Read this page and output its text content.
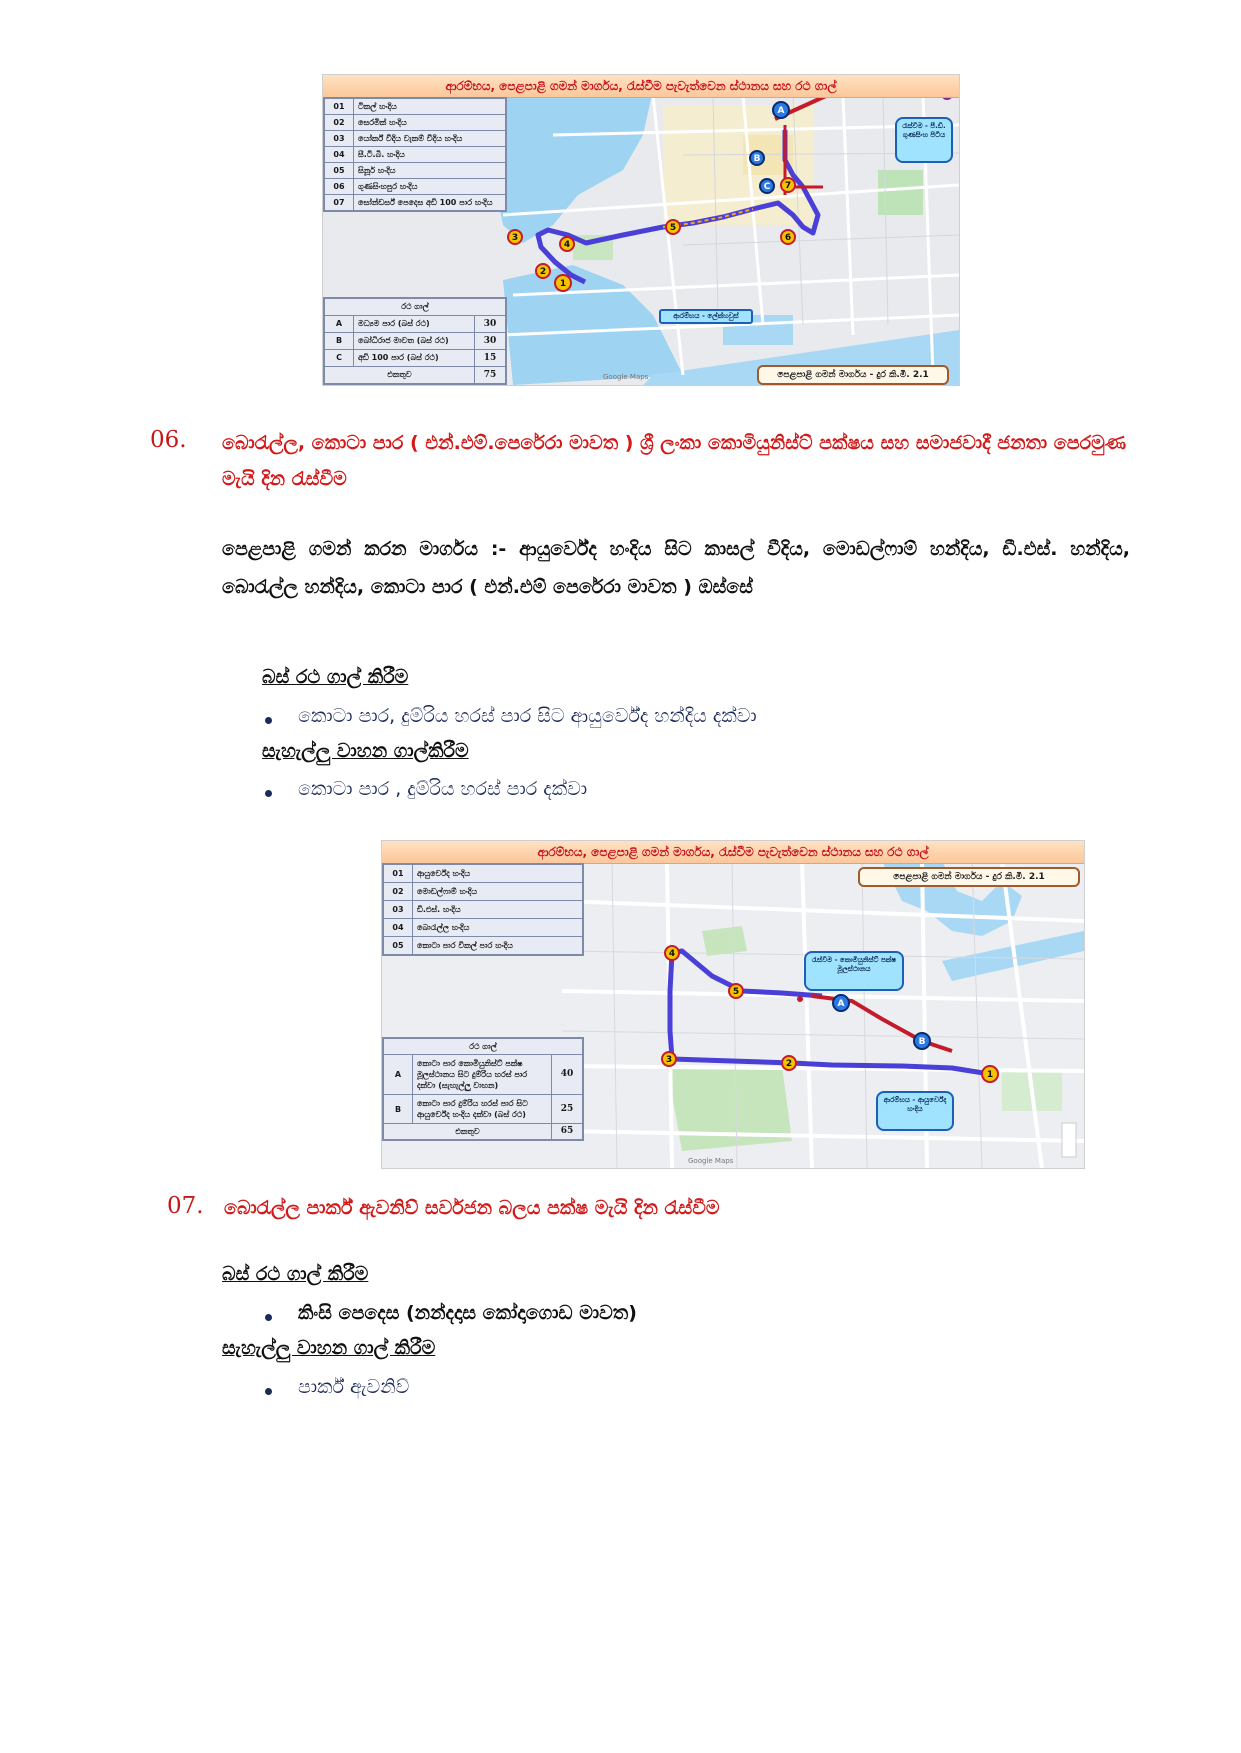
1
2
3
4
5
6
7
A
B
C
ආරම්භය, පෙළපාළි ගමන් මාර්ගය, රැස්වීම පැවැත්වෙන ස්ථානය සහ රථ ගාල්
01	ටිකල් හංදිය
02	සෙරමික් හංදිය
03	යෝර්ක් වීදිය වැකම් වීදිය හංදිය
04	සී.ටී.බී. හංදිය
05	සිනූර් හංදිය
06	ගුණසිංහපුර හංදිය
07	සෝන්ඩර්ස් පෙදෙස අඩි 100 පාර හංදිය
රථ ගාල්		
A	මධ්‍යම පාර (බස් රථ)	30
B	බෝධිරාජ මාවත (බස් රථ)	30
C	අඩි 100 පාර (බස් රථ)	15
එකතුව		75
රැස්වීම - පී.ඩී. ගුණසිංහ පිටිය
ආරම්භය - ලේක්හවුස්
පෙළපාළි ගමන් මාර්ගය - දුර කි.මී. 2.1
Google Maps
06. බොරැල්ල, කොටා පාර ( එන්.එම්.පෙරේරා මාවත ) ශ්‍රී ලංකා කොමියුනිස්ට් පක්ෂය සහ සමාජවාදී ජනතා පෙරමුණ මැයි දින රැස්වීම
පෙළපාළි ගමන් කරන මාර්ගය :- ආයුර්වේද හංදිය සිට කාසල් වීදිය, මොඩල්ෆාම් හන්දිය, ඩී.එස්. හන්දිය, බොරැල්ල හන්දිය, කොටා පාර ( එන්.එම් පෙරේරා මාවත ) ඔස්සේ
බස් රථ ගාල් කිරීම
කොටා පාර, දුම්රිය හරස් පාර සිට ආයුර්වේද හන්දිය දක්වා
සැහැල්ලු වාහන ගාල්කිරීම
කොටා පාර , දුම්රිය හරස් පාර දක්වා
1
2
3
4
5
A
B
ආරම්භය, පෙළපාළි ගමන් මාර්ගය, රැස්වීම පැවැත්වෙන ස්ථානය සහ රථ ගාල්
01	ආයුර්වේද හංදිය
02	මොඩල්ෆාම් හංදිය
03	ඩී.එස්. හංදිය
04	බොරැල්ල හංදිය
05	කොටා පාර විකල් පාර හංදිය
රථ ගාල්		
A	කොටා පාර කොමියුනිස්ට් පක්ෂ මූලස්ථානය සිට දුම්රිය හරස් පාර දක්වා (සැහැල්ලු වාහන)	40
B	කොටා පාර දුම්රිය හරස් පාර සිට ආයුර්වේද හංදිය දක්වා (බස් රථ)	25
එකතුව		65
පෙළපාළි ගමන් මාර්ගය - දුර කි.මී. 2.1
රැස්වීම - කොමියුනිස්ට් පක්ෂ මූලස්ථානය
ආරම්භය - ආයුර්වේද හංදිය
Google Maps
07. බොරැල්ල පාර්ක් ඇවනිව් සර්වජන බලය පක්ෂ මැයි දින රැස්වීම
බස් රථ ගාල් කිරීම
කිංසි පෙදෙස (නන්දදාස කෝදාගොඩ මාවත)
සැහැල්ලු වාහන ගාල් කිරීම
පාර්ක් ඇවනිව්
